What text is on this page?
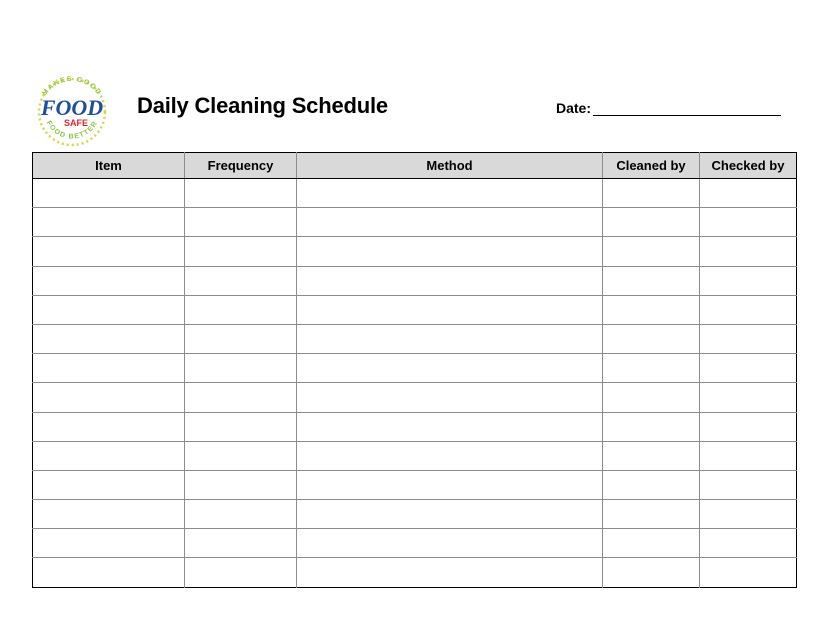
MAKES GOOD
FOOD BETTER
FOOD
SAFE
Daily Cleaning Schedule	Date:
Item	Frequency	Method	Cleaned by	Checked by
